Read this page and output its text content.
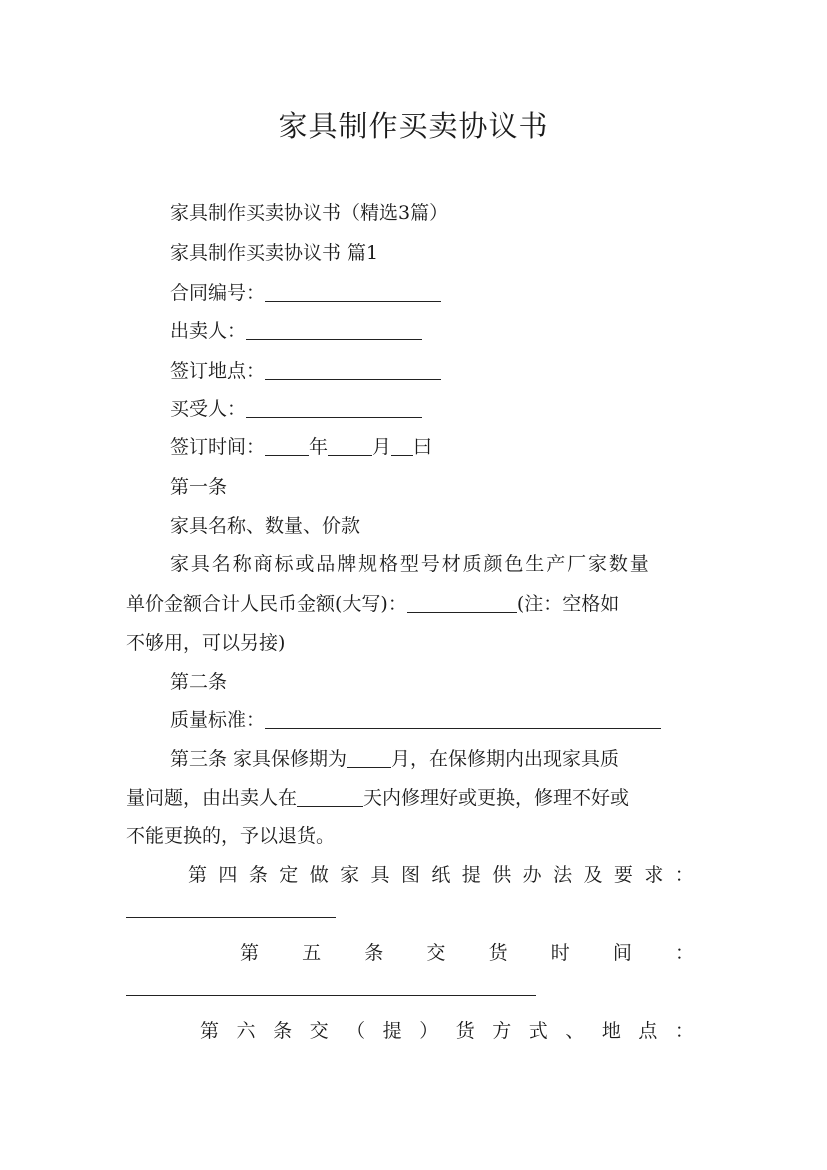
家具制作买卖协议书
家具制作买卖协议书（精选3篇）
家具制作买卖协议书 篇1
合同编号：
出卖人：
签订地点：
买受人：
签订时间： 年 月 曰
第一条
家具名称、数量、价款
家具名称商标或品牌规格型号材质颜色生产厂家数量
单价金额合计人民币金额(大写)：	(注：空格如
不够用，可以另接)
第二条
质量标准：
第三条 家具保修期为 月，在保修期内出现家具质
量问题，由出卖人在	天内修理好或更换，修理不好或
不能更换的，予以退货。
第 四 条 定 做 家 具 图 纸 提 供 办 法 及 要 求 ：
第 五 条 交 货 时 间 ：
第 六 条 交 （ 提 ） 货 方 式 、 地 点 ：
